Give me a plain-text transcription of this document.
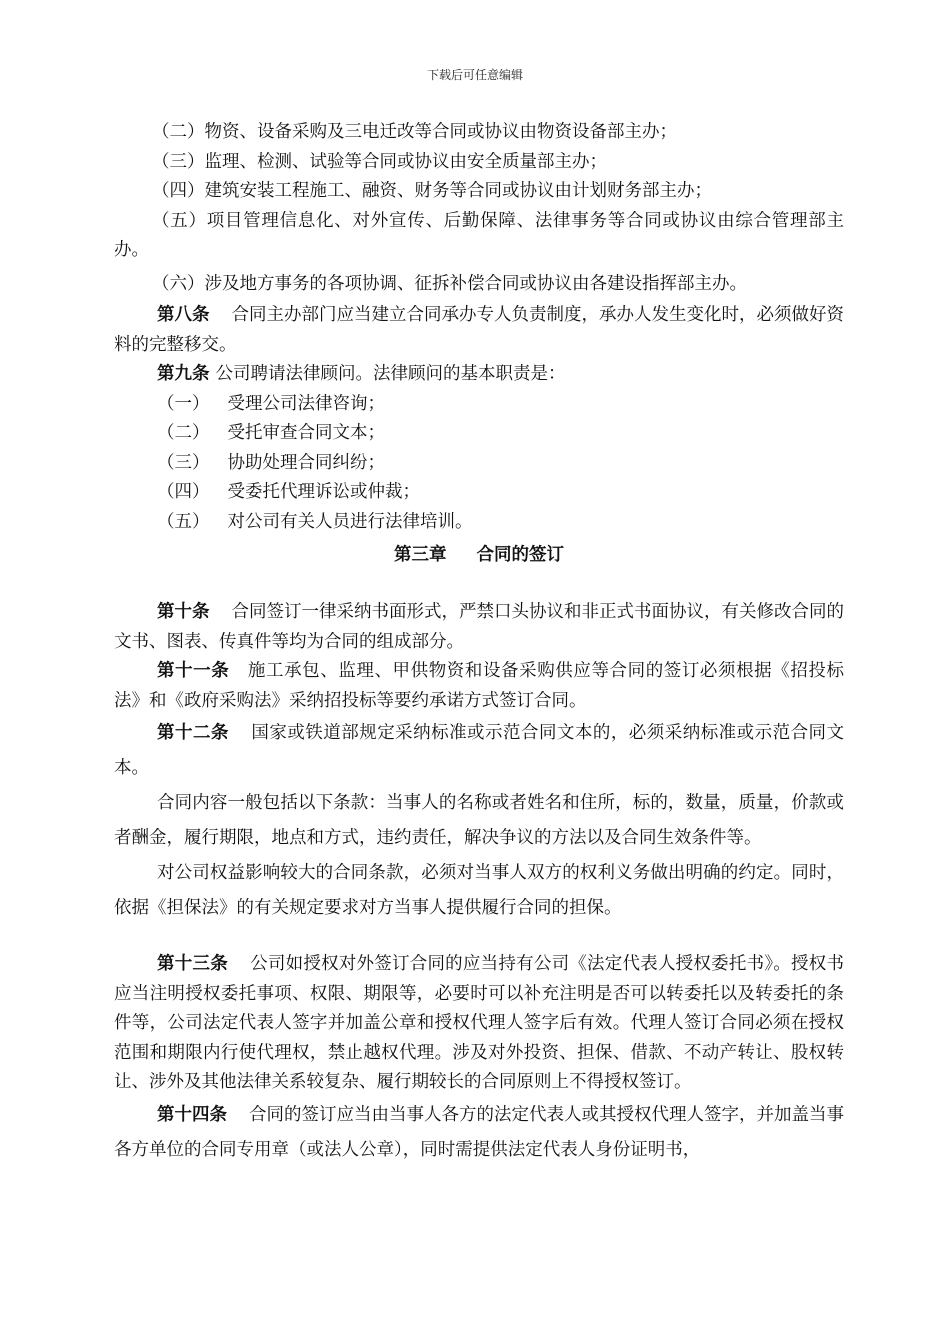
下载后可任意编辑

（二）物资、设备采购及三电迁改等合同或协议由物资设备部主办；

（三）监理、检测、试验等合同或协议由安全质量部主办；

（四）建筑安装工程施工、融资、财务等合同或协议由计划财务部主办；

（五）项目管理信息化、对外宣传、后勤保障、法律事务等合同或协议由综合管理部主办。

（六）涉及地方事务的各项协调、征拆补偿合同或协议由各建设指挥部主办。

第八条 合同主办部门应当建立合同承办专人负责制度，承办人发生变化时，必须做好资料的完整移交。

第九条 公司聘请法律顾问。法律顾问的基本职责是：

（一） 受理公司法律咨询；

（二） 受托审查合同文本；

（三） 协助处理合同纠纷；

（四） 受委托代理诉讼或仲裁；

（五） 对公司有关人员进行法律培训。

第三章 合同的签订

第十条 合同签订一律采纳书面形式，严禁口头协议和非正式书面协议，有关修改合同的文书、图表、传真件等均为合同的组成部分。

第十一条 施工承包、监理、甲供物资和设备采购供应等合同的签订必须根据《招投标法》和《政府采购法》采纳招投标等要约承诺方式签订合同。

第十二条 国家或铁道部规定采纳标准或示范合同文本的，必须采纳标准或示范合同文本。

合同内容一般包括以下条款：当事人的名称或者姓名和住所，标的，数量，质量，价款或者酬金，履行期限，地点和方式，违约责任，解决争议的方法以及合同生效条件等。

对公司权益影响较大的合同条款，必须对当事人双方的权利义务做出明确的约定。同时，依据《担保法》的有关规定要求对方当事人提供履行合同的担保。

第十三条 公司如授权对外签订合同的应当持有公司《法定代表人授权委托书》。授权书应当注明授权委托事项、权限、期限等，必要时可以补充注明是否可以转委托以及转委托的条件等，公司法定代表人签字并加盖公章和授权代理人签字后有效。代理人签订合同必须在授权范围和期限内行使代理权，禁止越权代理。涉及对外投资、担保、借款、不动产转让、股权转让、涉外及其他法律关系较复杂、履行期较长的合同原则上不得授权签订。

第十四条 合同的签订应当由当事人各方的法定代表人或其授权代理人签字，并加盖当事各方单位的合同专用章（或法人公章），同时需提供法定代表人身份证明书，
